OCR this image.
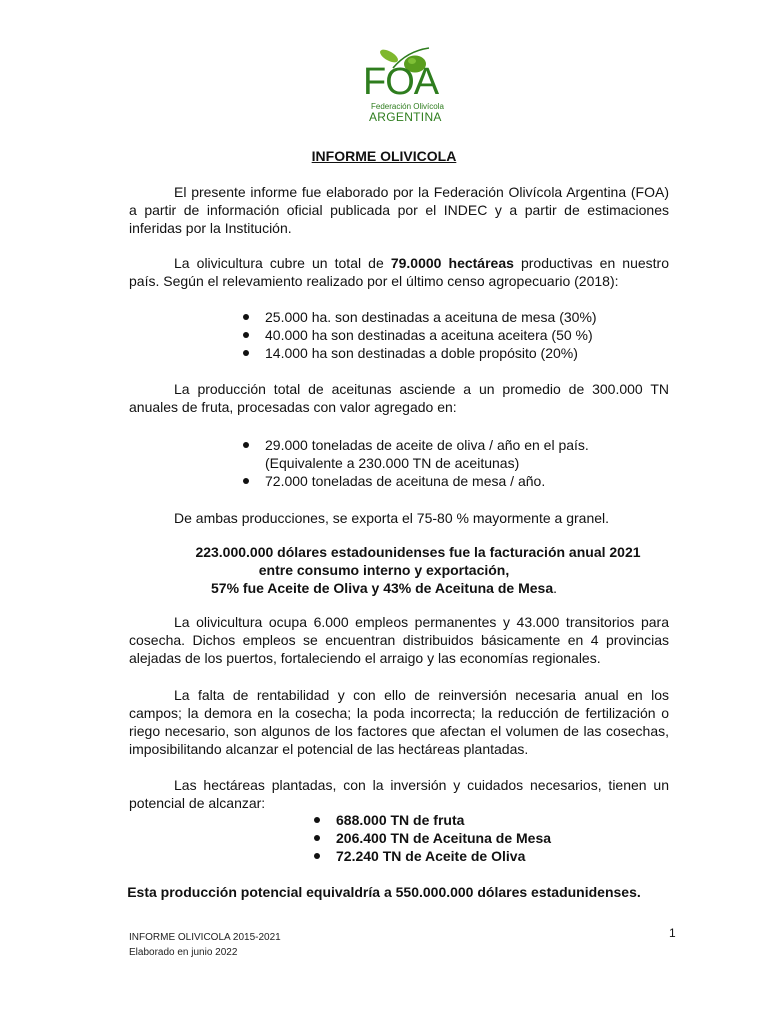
FOA
Federación Olivícola
ARGENTINA
INFORME OLIVICOLA
El presente informe fue elaborado por la Federación Olivícola Argentina (FOA) a partir de información oficial publicada por el INDEC y a partir de estimaciones inferidas por la Institución.
La olivicultura cubre un total de 79.0000 hectáreas productivas en nuestro país. Según el relevamiento realizado por el último censo agropecuario (2018):
25.000 ha. son destinadas a aceituna de mesa (30%)
40.000 ha son destinadas a aceituna aceitera (50 %)
14.000 ha son destinadas a doble propósito (20%)
La producción total de aceitunas asciende a un promedio de 300.000 TN anuales de fruta, procesadas con valor agregado en:
29.000 toneladas de aceite de oliva / año en el país.
(Equivalente a 230.000 TN de aceitunas)
72.000 toneladas de aceituna de mesa / año.
De ambas producciones, se exporta el 75-80 % mayormente a granel.
223.000.000 dólares estadounidenses fue la facturación anual 2021
entre consumo interno y exportación,
57% fue Aceite de Oliva y 43% de Aceituna de Mesa.
La olivicultura ocupa 6.000 empleos permanentes y 43.000 transitorios para cosecha. Dichos empleos se encuentran distribuidos básicamente en 4 provincias alejadas de los puertos, fortaleciendo el arraigo y las economías regionales.
La falta de rentabilidad y con ello de reinversión necesaria anual en los campos; la demora en la cosecha; la poda incorrecta; la reducción de fertilización o riego necesario, son algunos de los factores que afectan el volumen de las cosechas, imposibilitando alcanzar el potencial de las hectáreas plantadas.
Las hectáreas plantadas, con la inversión y cuidados necesarios, tienen un potencial de alcanzar:
688.000 TN de fruta
206.400 TN de Aceituna de Mesa
72.240 TN de Aceite de Oliva
Esta producción potencial equivaldría a 550.000.000 dólares estadunidenses.
INFORME OLIVICOLA 2015-2021
Elaborado en junio 2022
1
